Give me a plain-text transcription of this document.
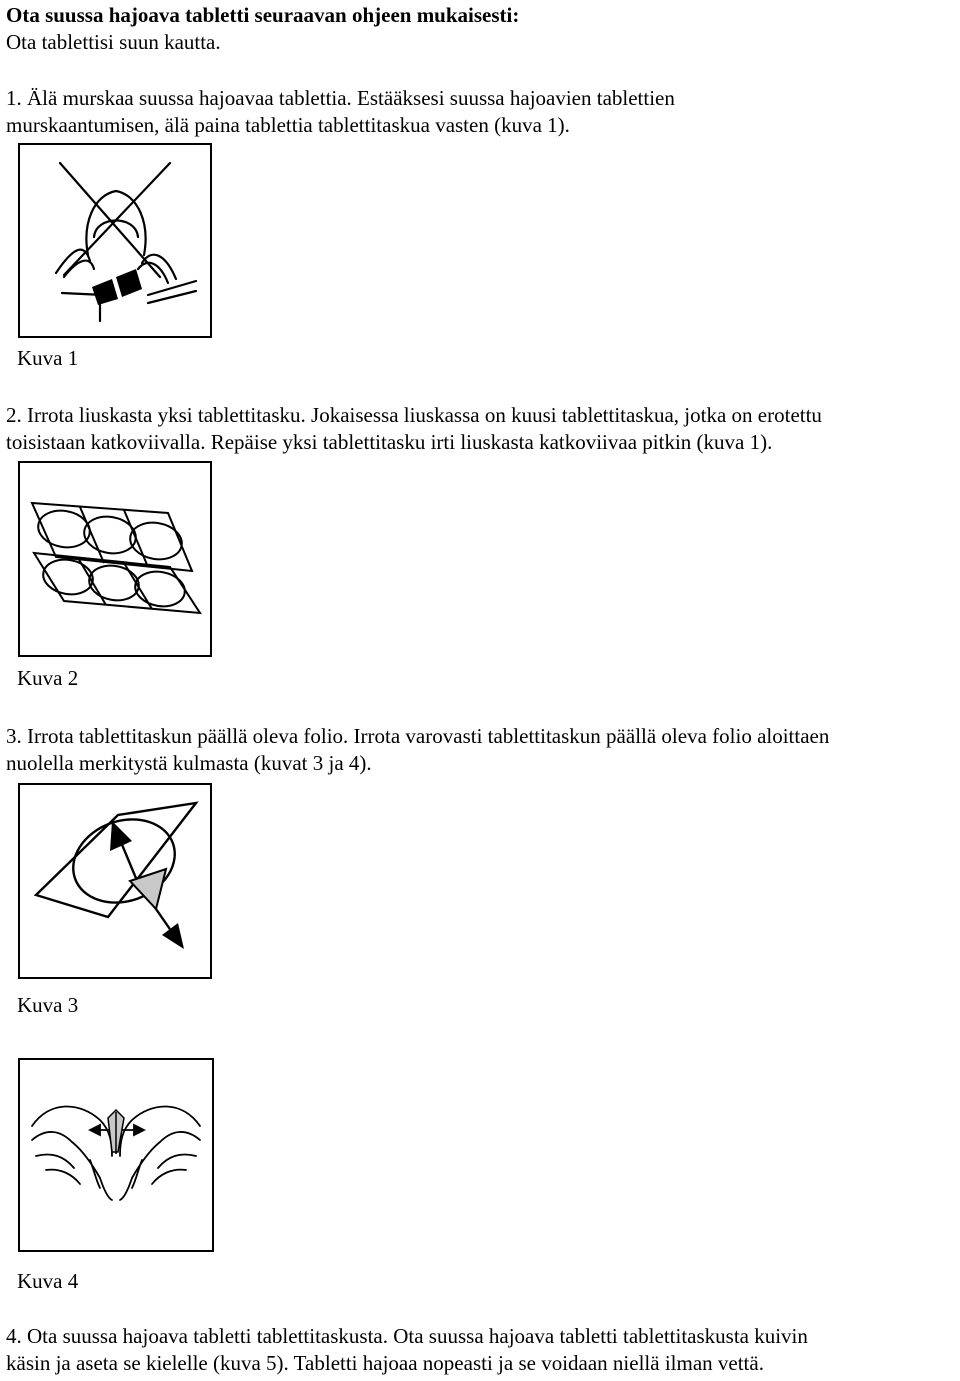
Ota suussa hajoava tabletti seuraavan ohjeen mukaisesti:
Ota tablettisi suun kautta.
1. Älä murskaa suussa hajoavaa tablettia. Estääksesi suussa hajoavien tablettien
murskaantumisen, älä paina tablettia tablettitaskua vasten (kuva 1).
Kuva 1
2. Irrota liuskasta yksi tablettitasku. Jokaisessa liuskassa on kuusi tablettitaskua, jotka on erotettu
toisistaan katkoviivalla. Repäise yksi tablettitasku irti liuskasta katkoviivaa pitkin (kuva 1).
Kuva 2
3. Irrota tablettitaskun päällä oleva folio. Irrota varovasti tablettitaskun päällä oleva folio aloittaen
nuolella merkitystä kulmasta (kuvat 3 ja 4).
Kuva 3
Kuva 4
4. Ota suussa hajoava tabletti tablettitaskusta. Ota suussa hajoava tabletti tablettitaskusta kuivin
käsin ja aseta se kielelle (kuva 5). Tabletti hajoaa nopeasti ja se voidaan niellä ilman vettä.
